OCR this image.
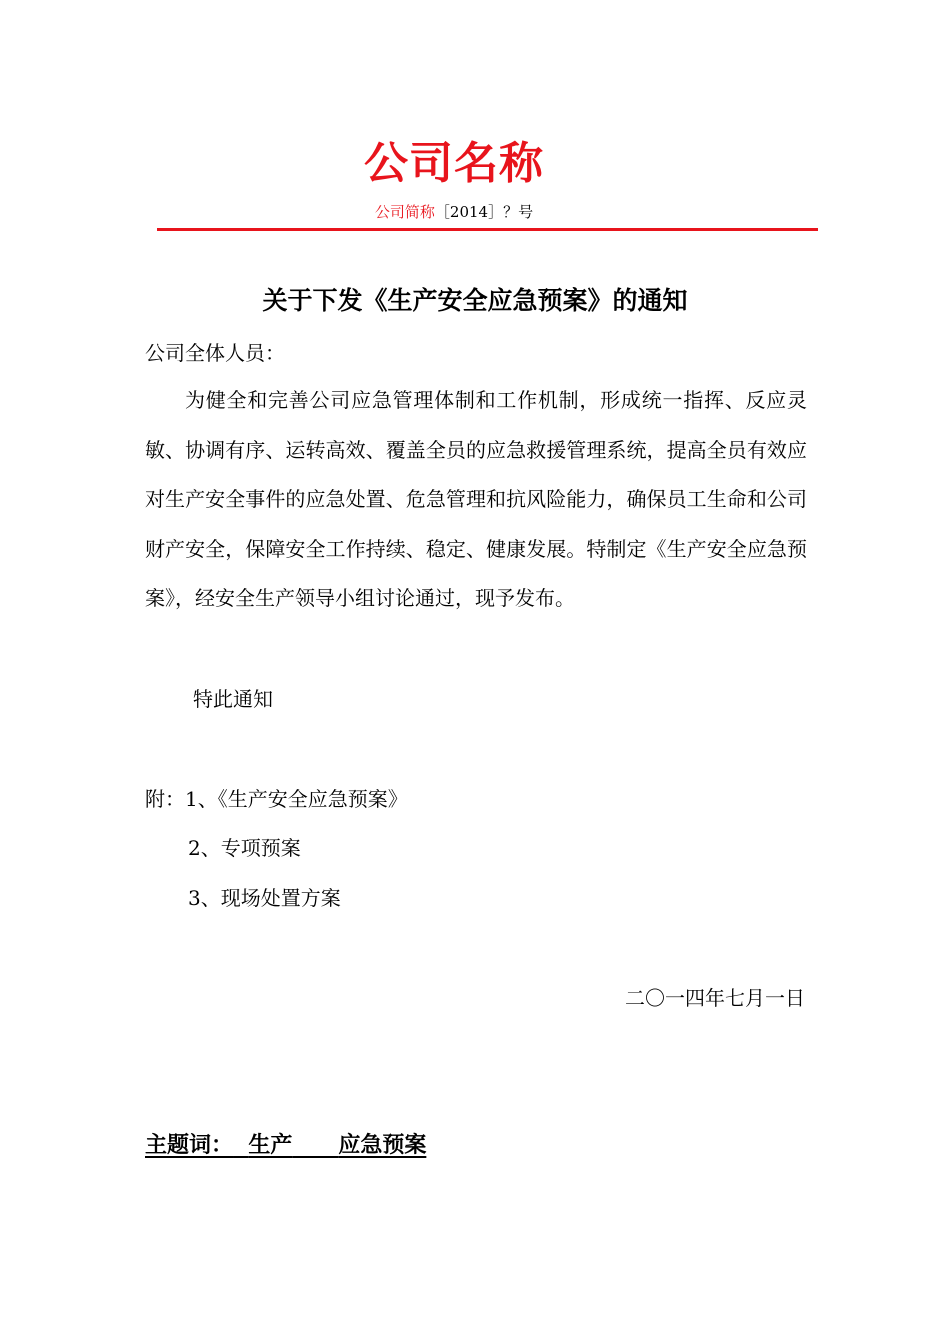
公司名称
公司简称［2014］？号
关于下发《生产安全应急预案》的通知
公司全体人员：

为健全和完善公司应急管理体制和工作机制，形成统一指挥、反应灵敏、协调有序、运转高效、覆盖全员的应急救援管理系统，提高全员有效应对生产安全事件的应急处置、危急管理和抗风险能力，确保员工生命和公司财产安全，保障安全工作持续、稳定、健康发展。特制定《生产安全应急预案》，经安全生产领导小组讨论通过，现予发布。

特此通知
附：1、《生产安全应急预案》
2、专项预案
3、现场处置方案
二〇一四年七月一日
主题词： 生产 应急预案
